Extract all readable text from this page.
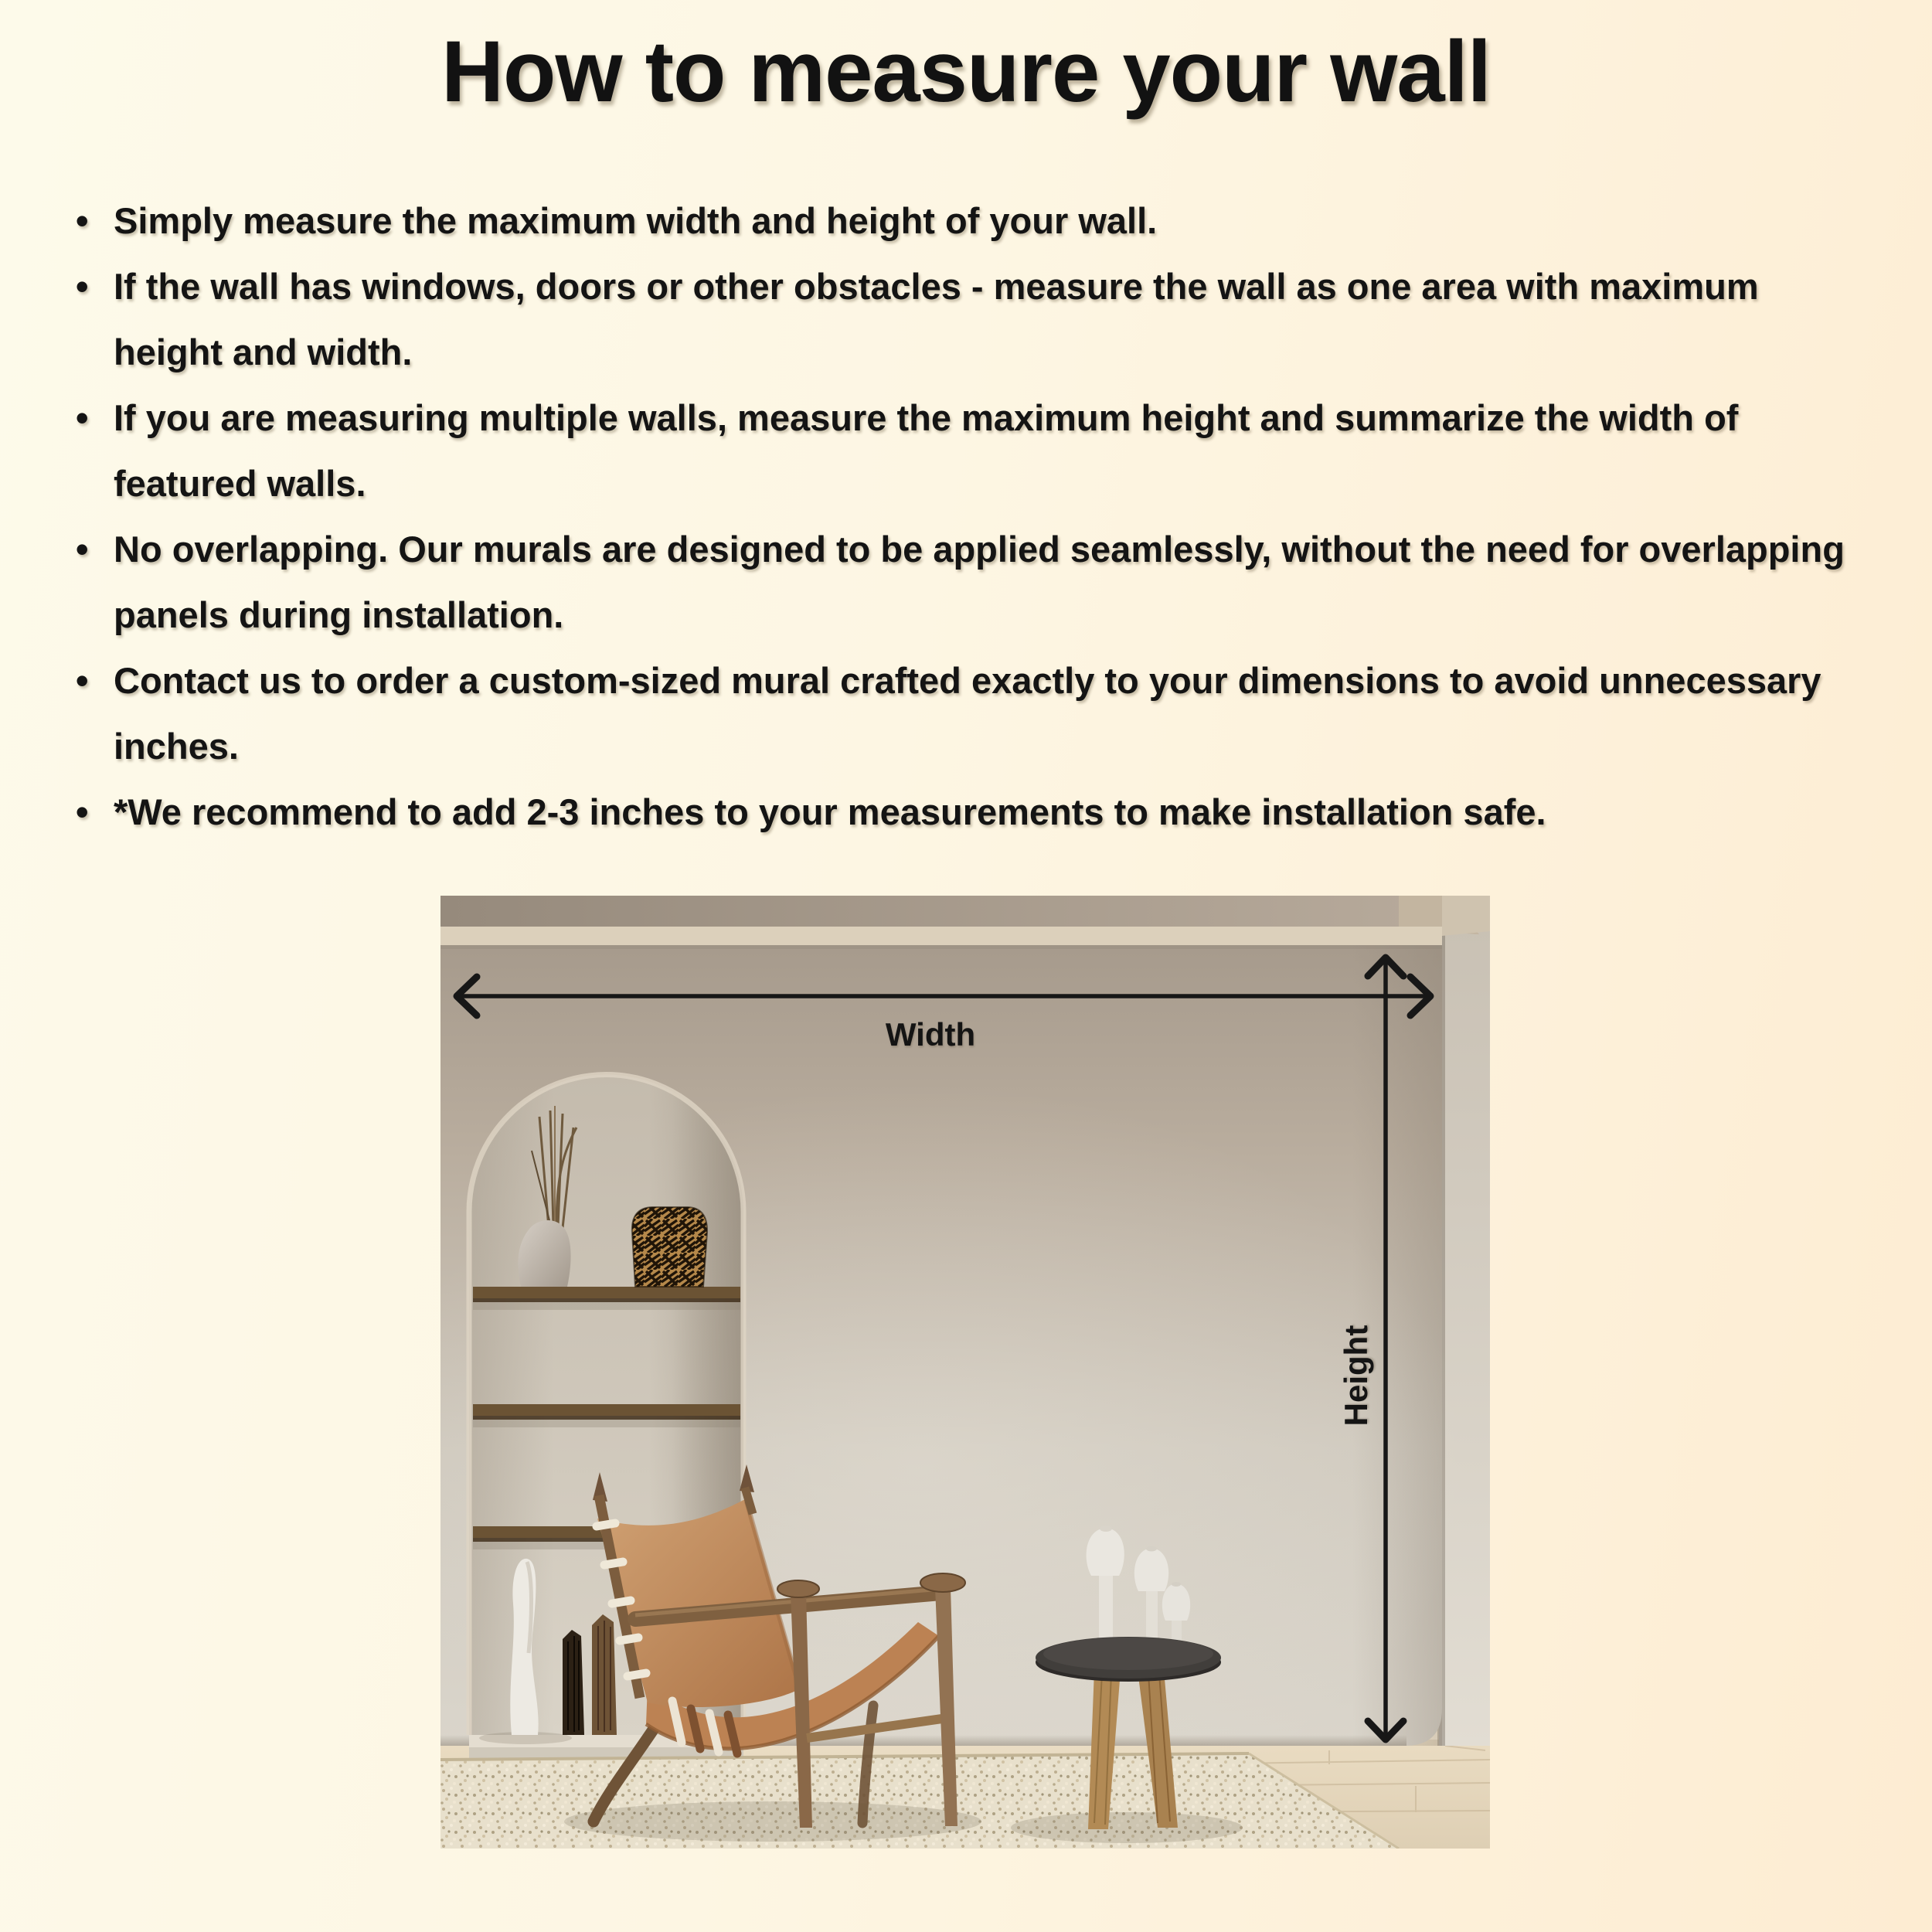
How to measure your wall
• Simply measure the maximum width and height of your wall.
• If the wall has windows, doors or other obstacles - measure the wall as one area with maximum height and width.
• If you are measuring multiple walls, measure the maximum height and summarize the width of featured walls.
• No overlapping. Our murals are designed to be applied seamlessly, without the need for overlapping panels during installation.
• Contact us to order a custom-sized mural crafted exactly to your dimensions to avoid unnecessary inches.
• *We recommend to add 2-3 inches to your measurements to make installation safe.
Width
Height
